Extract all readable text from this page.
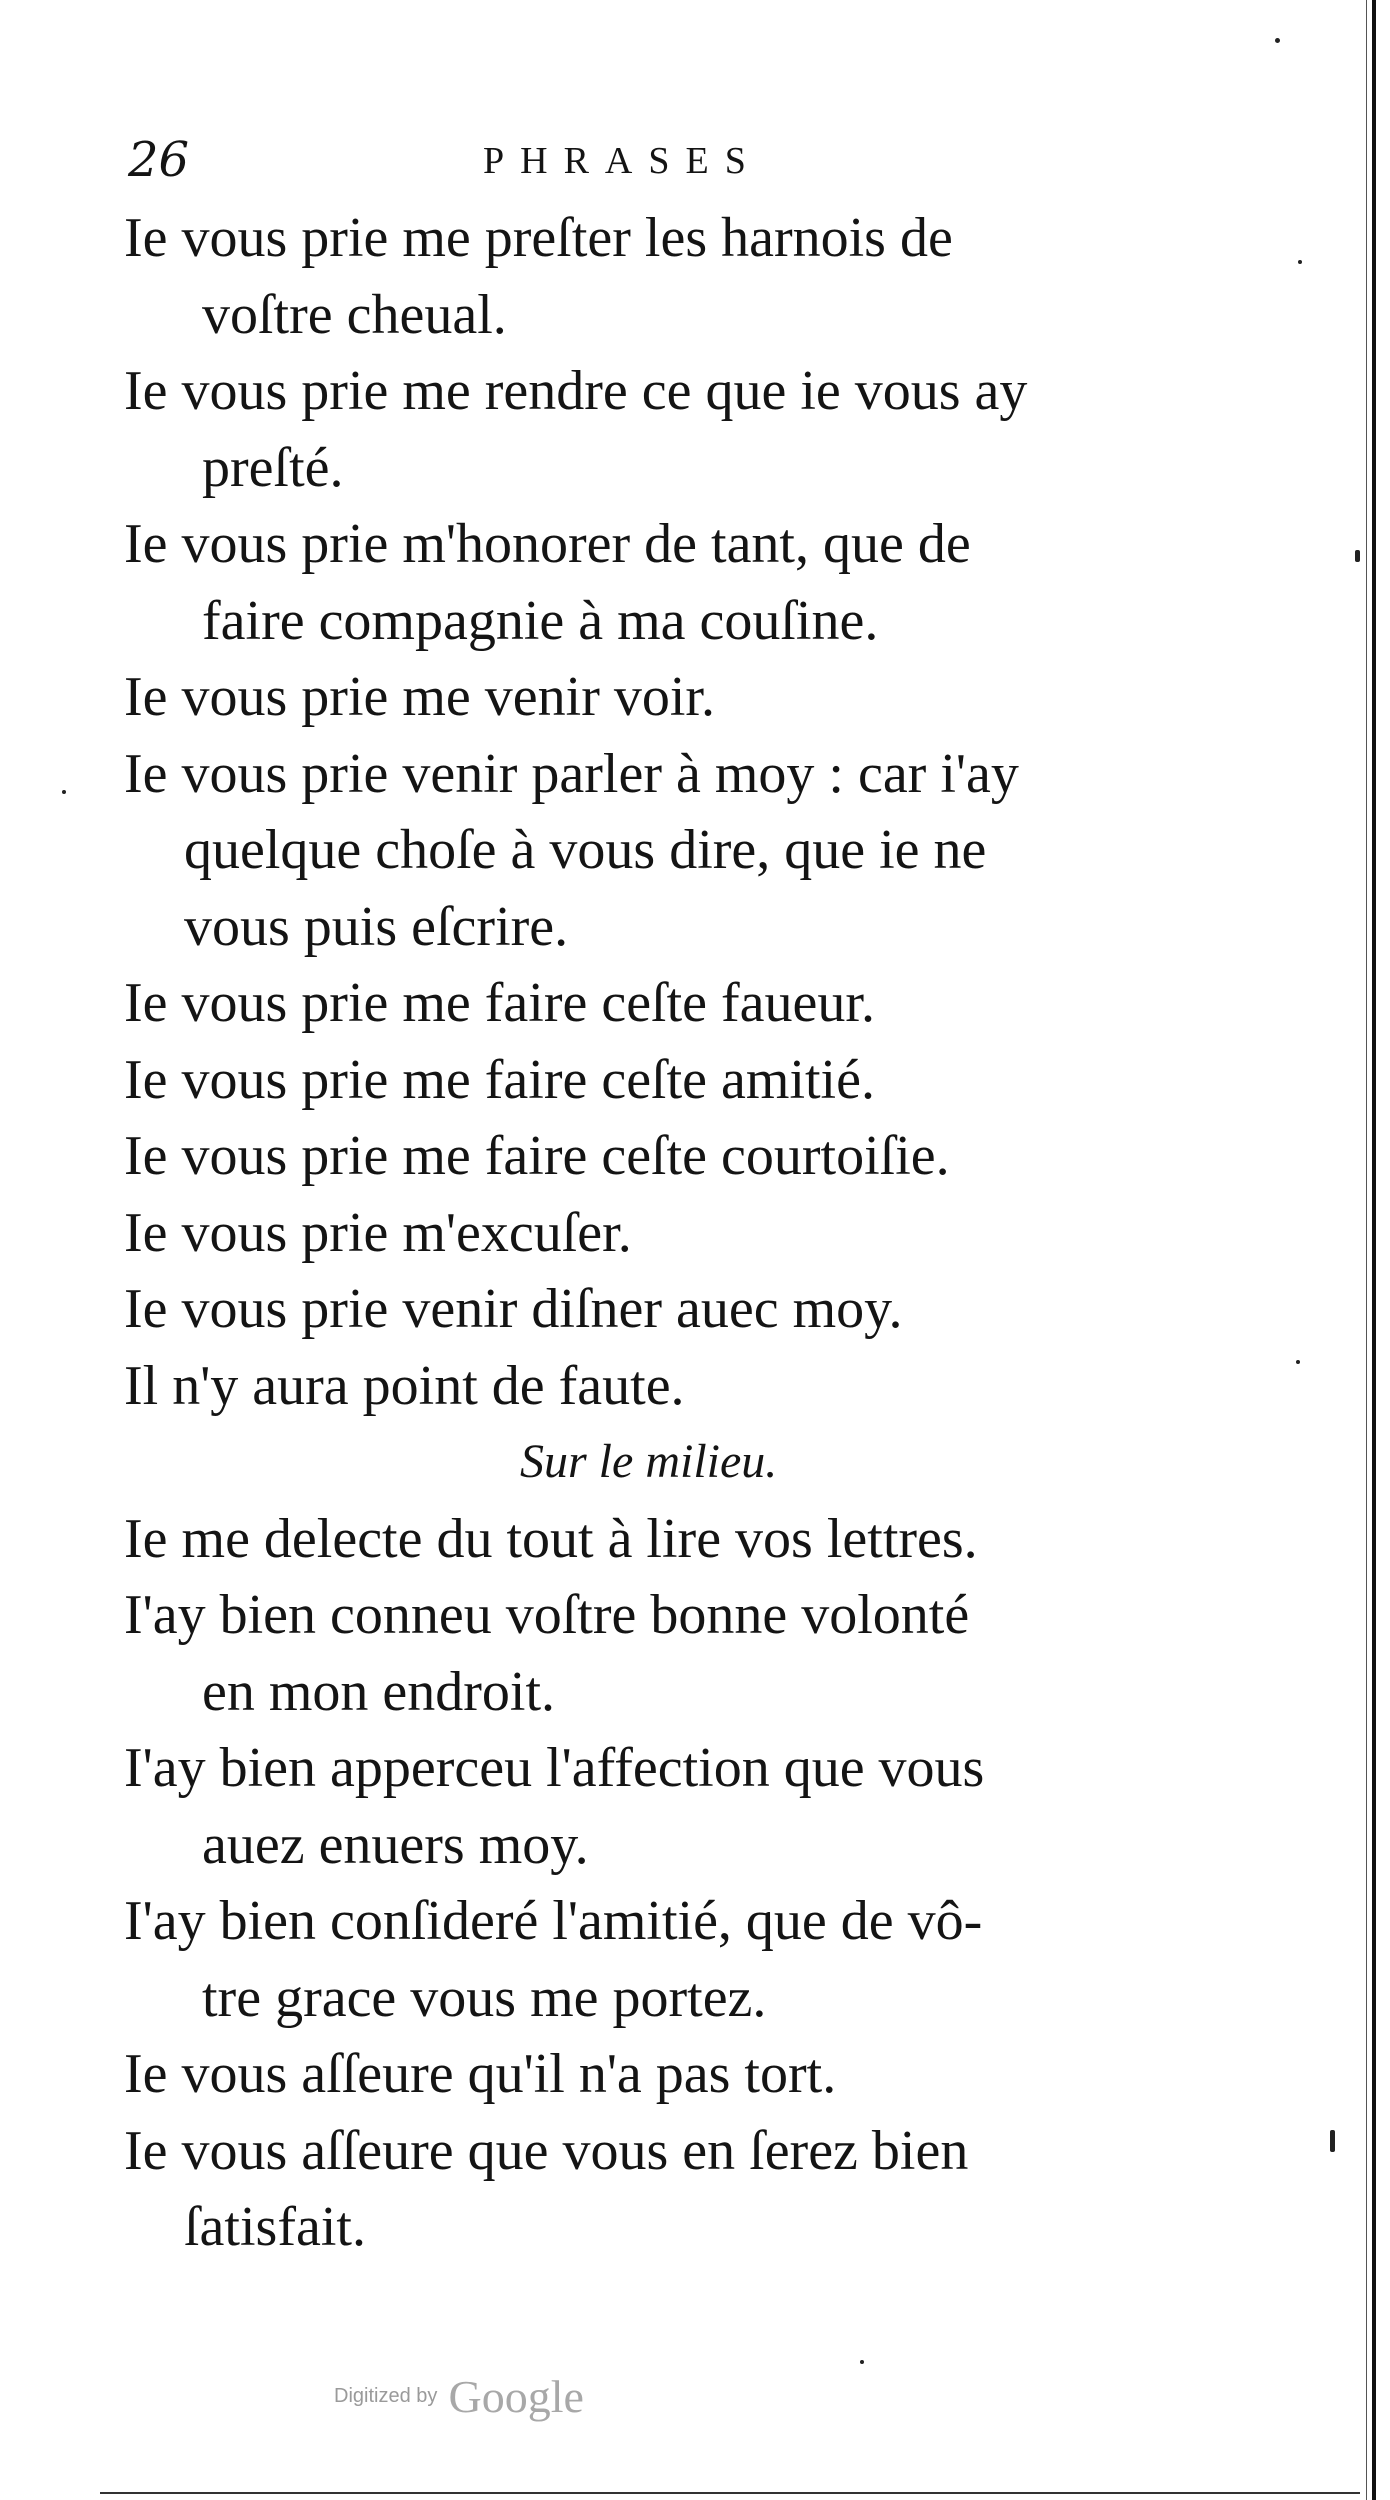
26	PHRASES
Ie vous prie me preſter les harnois de
voſtre cheual.
Ie vous prie me rendre ce que ie vous ay
preſté.
Ie vous prie m'honorer de tant, que de
faire compagnie à ma couſine.
Ie vous prie me venir voir.
Ie vous prie venir parler à moy : car i'ay
quelque choſe à vous dire, que ie ne
vous puis eſcrire.
Ie vous prie me faire ceſte faueur.
Ie vous prie me faire ceſte amitié.
Ie vous prie me faire ceſte courtoiſie.
Ie vous prie m'excuſer.
Ie vous prie venir diſner auec moy.
Il n'y aura point de faute.
Sur le milieu.
Ie me delecte du tout à lire vos lettres.
I'ay bien conneu voſtre bonne volonté
en mon endroit.
I'ay bien apperceu l'affection que vous
auez enuers moy.
I'ay bien conſideré l'amitié, que de vô-
tre grace vous me portez.
Ie vous aſſeure qu'il n'a pas tort.
Ie vous aſſeure que vous en ſerez bien
ſatisfait.
Digitized by Google
